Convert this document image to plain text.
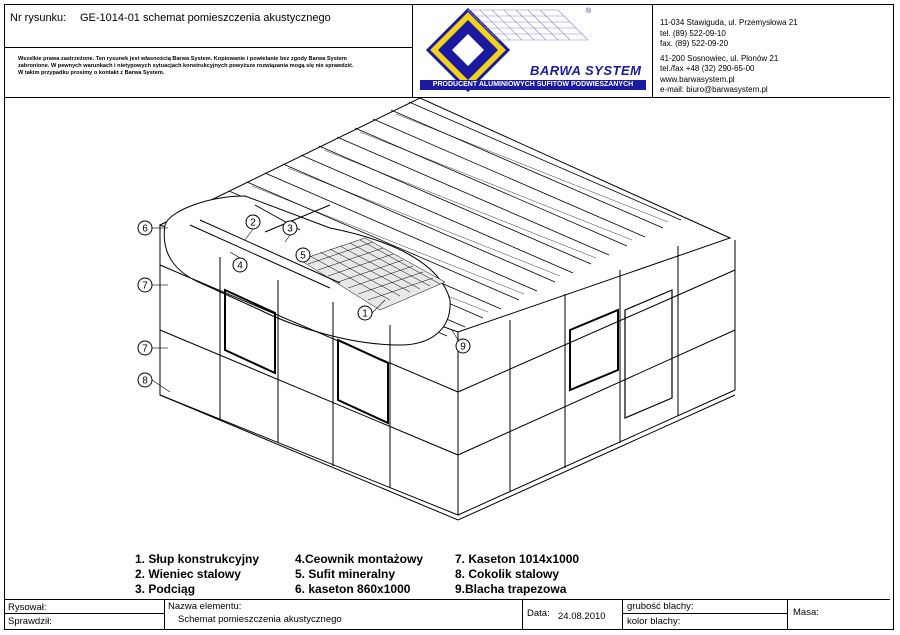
Nr rysunku: GE-1014-01 schemat pomieszczenia akustycznego
Wszelkie prawa zastrzeżone. Ten rysunek jest własnością Barwa System. Kopiowanie i powielanie bez zgody Barwa System
zabronione. W pewnych warunkach i nietypowych sytuacjach konstrukcyjnych powyższe rozwiązania mogą się nie sprawdzić.
W takim przypadku prosimy o kontakt z Barwa System.	BARWA SYSTEM
®
PRODUCENT ALUMINIOWYCH SUFITÓW PODWIESZANYCH
11-034 Stawiguda, ul. Przemysłowa 21
tel. (89) 522-09-10
fax. (89) 522-09-20
41-200 Sosnowiec, ul. Plonów 21
tel./fax +48 (32) 290-65-00
www.barwasystem.pl
e-mail: biuro@barwasystem.pl
6
7
7
8
2
3
4
5
1
9
1. Słup konstrukcyjny
2. Wieniec stalowy
3. Podciąg
4.Ceownik montażowy
5. Sufit mineralny
6. kaseton 860x1000
7. Kaseton 1014x1000
8. Cokolik stalowy
9.Blacha trapezowa
Rysował:
Sprawdził:
Nazwa elementu:
Schemat pomieszczenia akustycznego
Data: 24.08.2010
grubość blachy:
kolor blachy:
Masa:
